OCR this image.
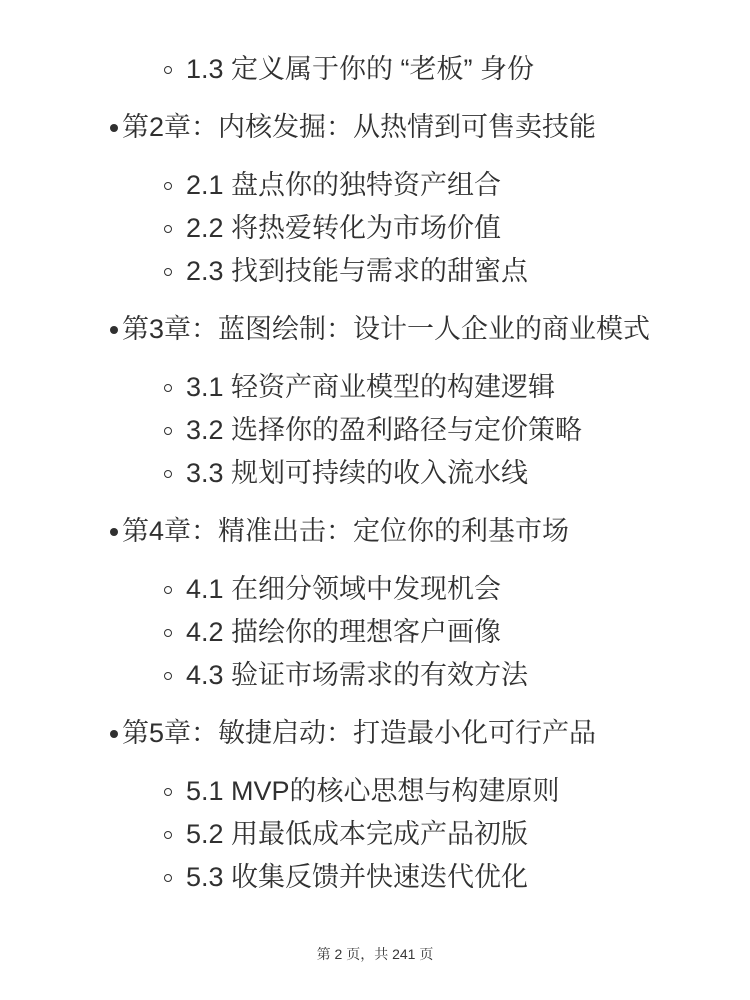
1.3 定义属于你的 “老板” 身份
第2章：内核发掘：从热情到可售卖技能
2.1 盘点你的独特资产组合
2.2 将热爱转化为市场价值
2.3 找到技能与需求的甜蜜点
第3章：蓝图绘制：设计一人企业的商业模式
3.1 轻资产商业模型的构建逻辑
3.2 选择你的盈利路径与定价策略
3.3 规划可持续的收入流水线
第4章：精准出击：定位你的利基市场
4.1 在细分领域中发现机会
4.2 描绘你的理想客户画像
4.3 验证市场需求的有效方法
第5章：敏捷启动：打造最小化可行产品
5.1 MVP的核心思想与构建原则
5.2 用最低成本完成产品初版
5.3 收集反馈并快速迭代优化
第 2 页，共 241 页
